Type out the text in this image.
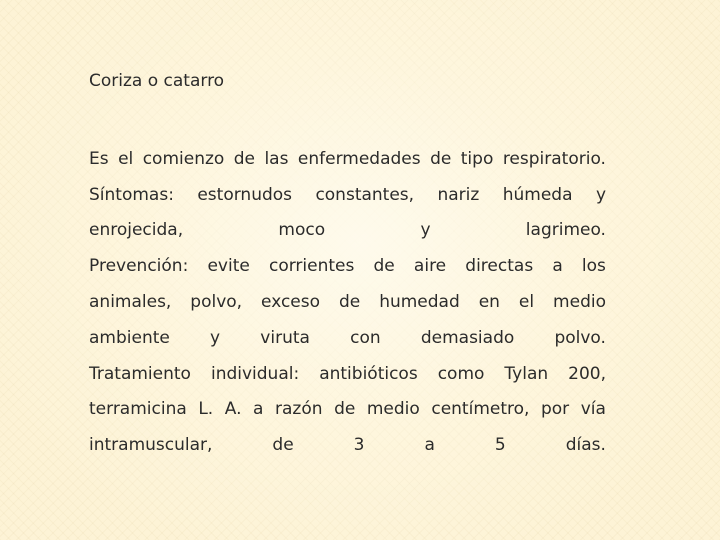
Coriza o catarro
Es el comienzo de las enfermedades de tipo respiratorio.
Síntomas: estornudos constantes, nariz húmeda y
enrojecida,	moco	y	lagrimeo.
Prevención: evite corrientes de aire directas a los
animales, polvo, exceso de humedad en el medio
ambiente y viruta con demasiado polvo.
Tratamiento individual: antibióticos como Tylan 200,
terramicina L. A. a razón de medio centímetro, por vía
intramuscular,	de	3	a	5	días.
